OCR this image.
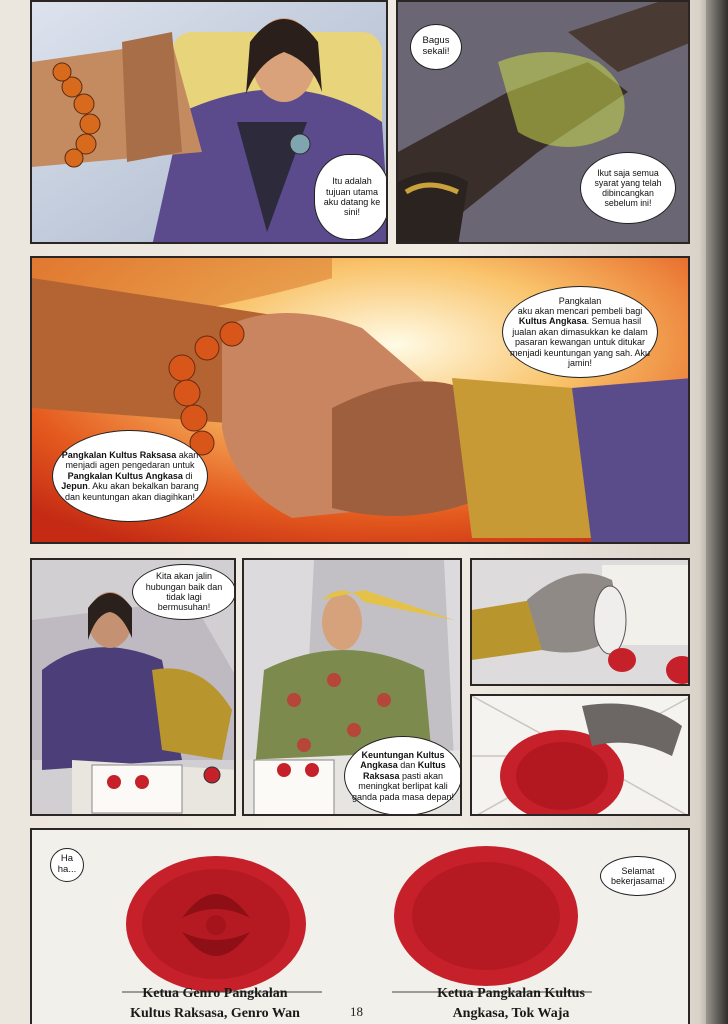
Itu adalah tujuan utama aku datang ke sini!
Bagus sekali!
Ikut saja semua syarat yang telah dibincangkan sebelum ini!
Pangkalan
aku akan mencari pembeli bagi Kultus Angkasa. Semua hasil jualan akan dimasukkan ke dalam pasaran kewangan untuk ditukar menjadi keuntungan yang sah. Aku jamin!
Pangkalan Kultus Raksasa akan menjadi agen pengedaran untuk Pangkalan Kultus Angkasa di Jepun. Aku akan bekalkan barang dan keuntungan akan diagihkan!
Kita akan jalin hubungan baik dan tidak lagi bermusuhan!
Keuntungan Kultus Angkasa dan Kultus Raksasa pasti akan meningkat berlipat kali ganda pada masa depan!
Ha ha...	Selamat bekerjasama!
Ketua Genro Pangkalan
Kultus Raksasa, Genro Wan
Ketua Pangkalan Kultus
Angkasa, Tok Waja
18
